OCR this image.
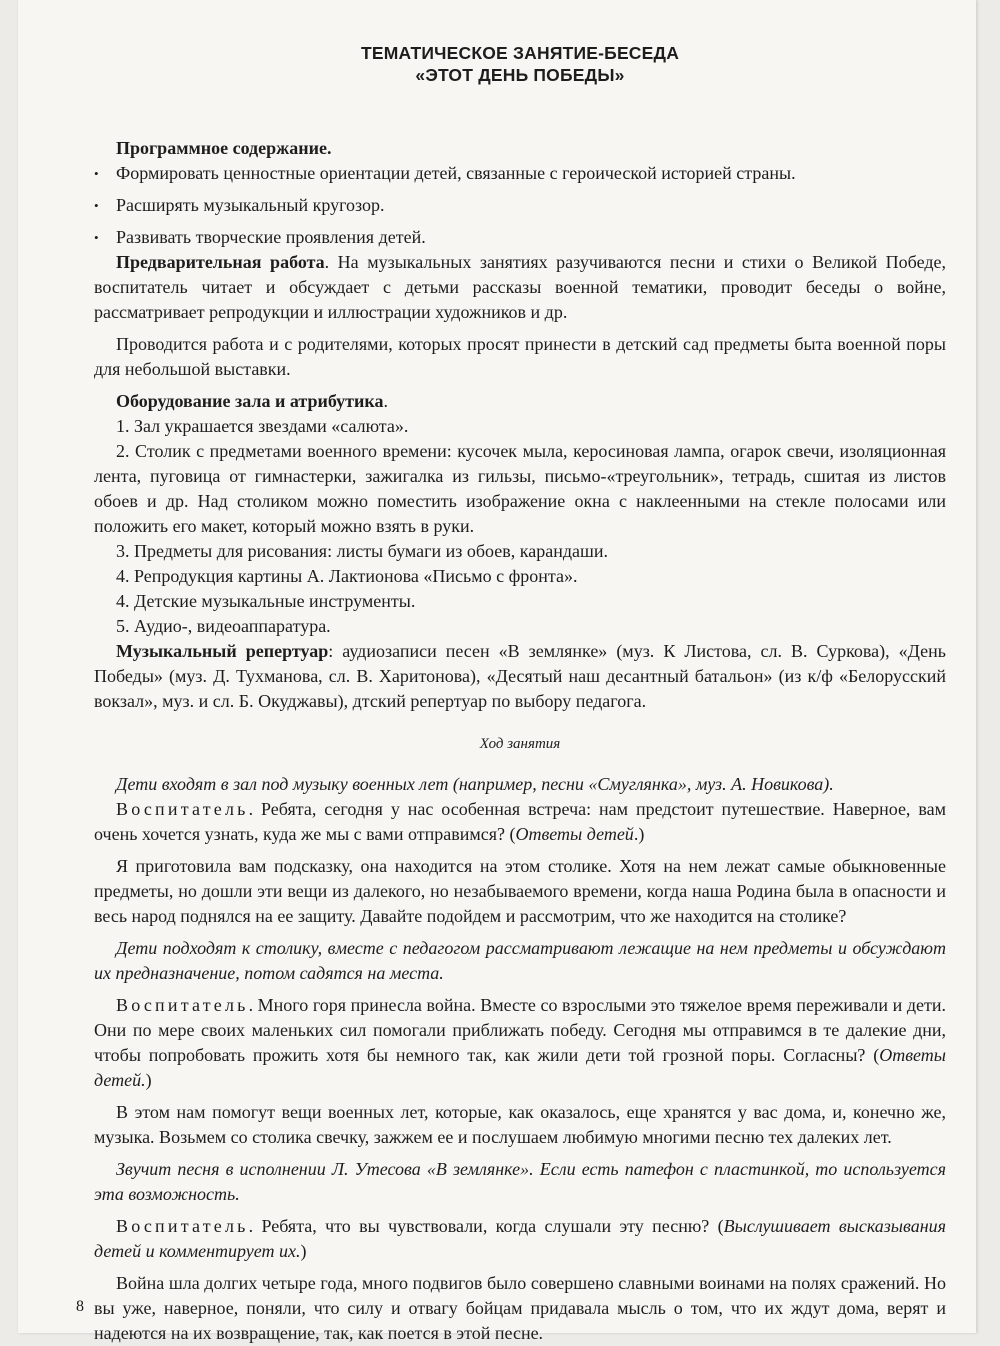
ТЕМАТИЧЕСКОЕ ЗАНЯТИЕ-БЕСЕДА
«ЭТОТ ДЕНЬ ПОБЕДЫ»

Программное содержание.

• Формировать ценностные ориентации детей, связанные с героической историей страны.
• Расширять музыкальный кругозор.
• Развивать творческие проявления детей.

Предварительная работа. На музыкальных занятиях разучиваются песни и стихи о Великой Победе, воспитатель читает и обсуждает с детьми рассказы военной тематики, проводит беседы о войне, рассматривает репродукции и иллюстрации художников и др.

Проводится работа и с родителями, которых просят принести в детский сад предметы быта военной поры для небольшой выставки.

Оборудование зала и атрибутика.

1. Зал украшается звездами «салюта».

2. Столик с предметами военного времени: кусочек мыла, керосиновая лампа, огарок свечи, изоляционная лента, пуговица от гимнастерки, зажигалка из гильзы, письмо-«треугольник», тетрадь, сшитая из листов обоев и др. Над столиком можно поместить изображение окна с наклеенными на стекле полосами или положить его макет, который можно взять в руки.

3. Предметы для рисования: листы бумаги из обоев, карандаши.

4. Репродукция картины А. Лактионова «Письмо с фронта».

4. Детские музыкальные инструменты.

5. Аудио-, видеоаппаратура.

Музыкальный репертуар: аудиозаписи песен «В землянке» (муз. К Листова, сл. В. Суркова), «День Победы» (муз. Д. Тухманова, сл. В. Харитонова), «Десятый наш десантный батальон» (из к/ф «Белорусский вокзал», муз. и сл. Б. Окуджавы), дтский репертуар по выбору педагога.

Ход занятия

Дети входят в зал под музыку военных лет (например, песни «Смуглянка», муз. А. Новикова).

Воспитатель. Ребята, сегодня у нас особенная встреча: нам предстоит путешествие. Наверное, вам очень хочется узнать, куда же мы с вами отправимся? (Ответы детей.)

Я приготовила вам подсказку, она находится на этом столике. Хотя на нем лежат самые обыкновенные предметы, но дошли эти вещи из далекого, но незабываемого времени, когда наша Родина была в опасности и весь народ поднялся на ее защиту. Давайте подойдем и рассмотрим, что же находится на столике?

Дети подходят к столику, вместе с педагогом рассматривают лежащие на нем предметы и обсуждают их предназначение, потом садятся на места.

Воспитатель. Много горя принесла война. Вместе со взрослыми это тяжелое время переживали и дети. Они по мере своих маленьких сил помогали приближать победу. Сегодня мы отправимся в те далекие дни, чтобы попробовать прожить хотя бы немного так, как жили дети той грозной поры. Согласны? (Ответы детей.)

В этом нам помогут вещи военных лет, которые, как оказалось, еще хранятся у вас дома, и, конечно же, музыка. Возьмем со столика свечку, зажжем ее и послушаем любимую многими песню тех далеких лет.

Звучит песня в исполнении Л. Утесова «В землянке». Если есть патефон с пластинкой, то используется эта возможность.

Воспитатель. Ребята, что вы чувствовали, когда слушали эту песню? (Выслушивает высказывания детей и комментирует их.)

Война шла долгих четыре года, много подвигов было совершено славными воинами на полях сражений. Но вы уже, наверное, поняли, что силу и отвагу бойцам придавала мысль о том, что их ждут дома, верят и надеются на их возвращение, так, как поется в этой песне.

8
